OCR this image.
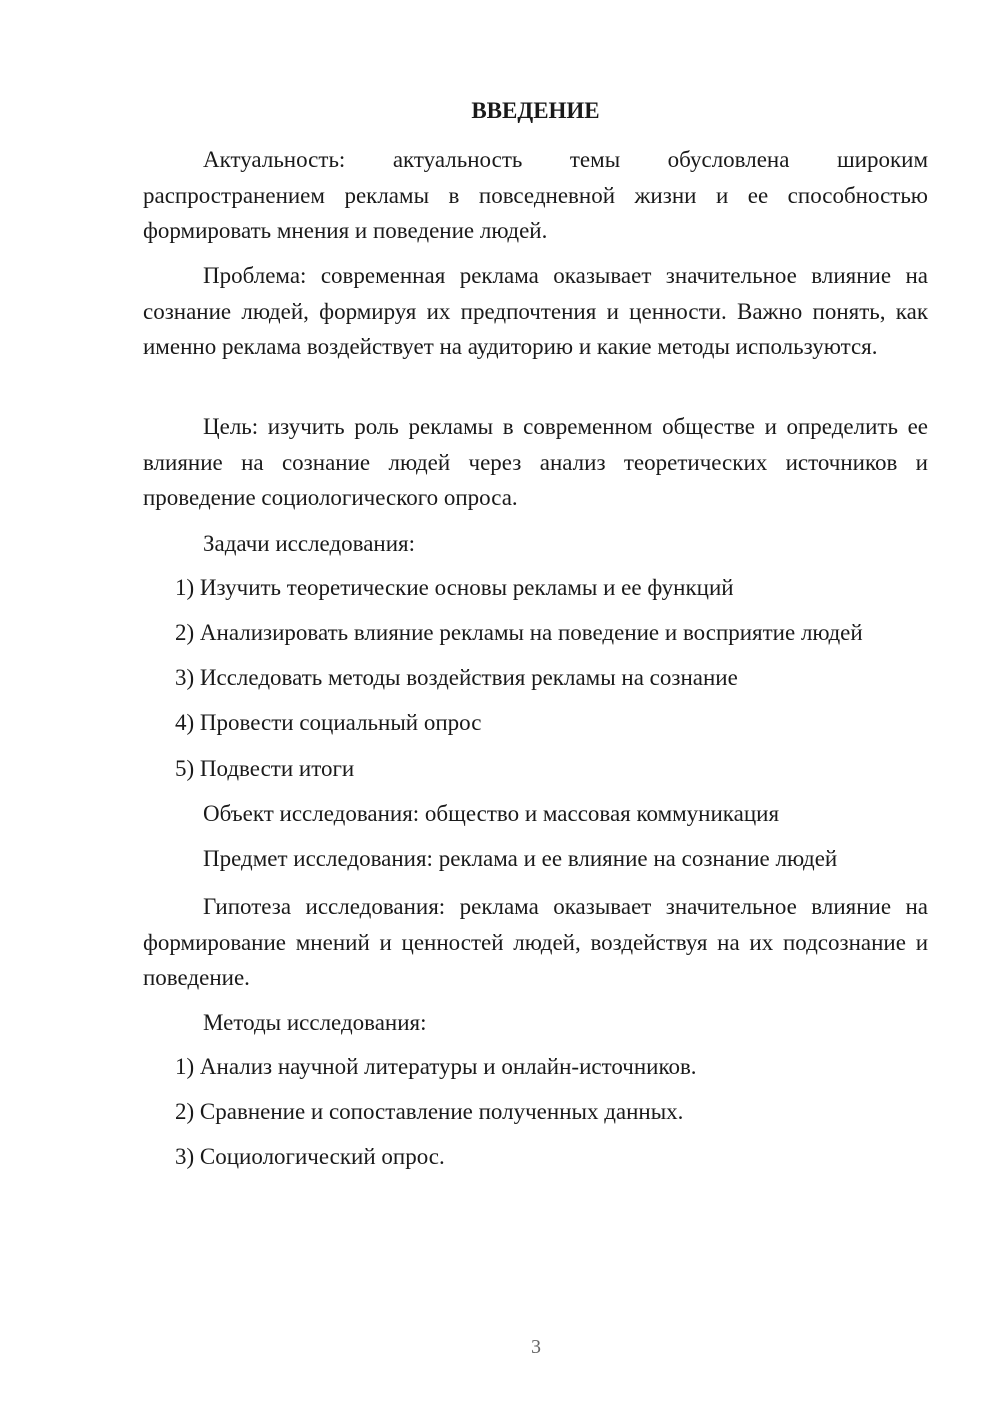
ВВЕДЕНИЕ

Актуальность: актуальность темы обусловлена широким распространением рекламы в повседневной жизни и ее способностью формировать мнения и поведение людей.

Проблема: современная реклама оказывает значительное влияние на сознание людей, формируя их предпочтения и ценности. Важно понять, как именно реклама воздействует на аудиторию и какие методы используются.

Цель: изучить роль рекламы в современном обществе и определить ее влияние на сознание людей через анализ теоретических источников и проведение социологического опроса.

Задачи исследования:
1) Изучить теоретические основы рекламы и ее функций
2) Анализировать влияние рекламы на поведение и восприятие людей
3) Исследовать методы воздействия рекламы на сознание
4) Провести социальный опрос
5) Подвести итоги
Объект исследования: общество и массовая коммуникация
Предмет исследования: реклама и ее влияние на сознание людей

Гипотеза исследования: реклама оказывает значительное влияние на формирование мнений и ценностей людей, воздействуя на их подсознание и поведение.

Методы исследования:
1) Анализ научной литературы и онлайн-источников.
2) Сравнение и сопоставление полученных данных.
3) Социологический опрос.
3
